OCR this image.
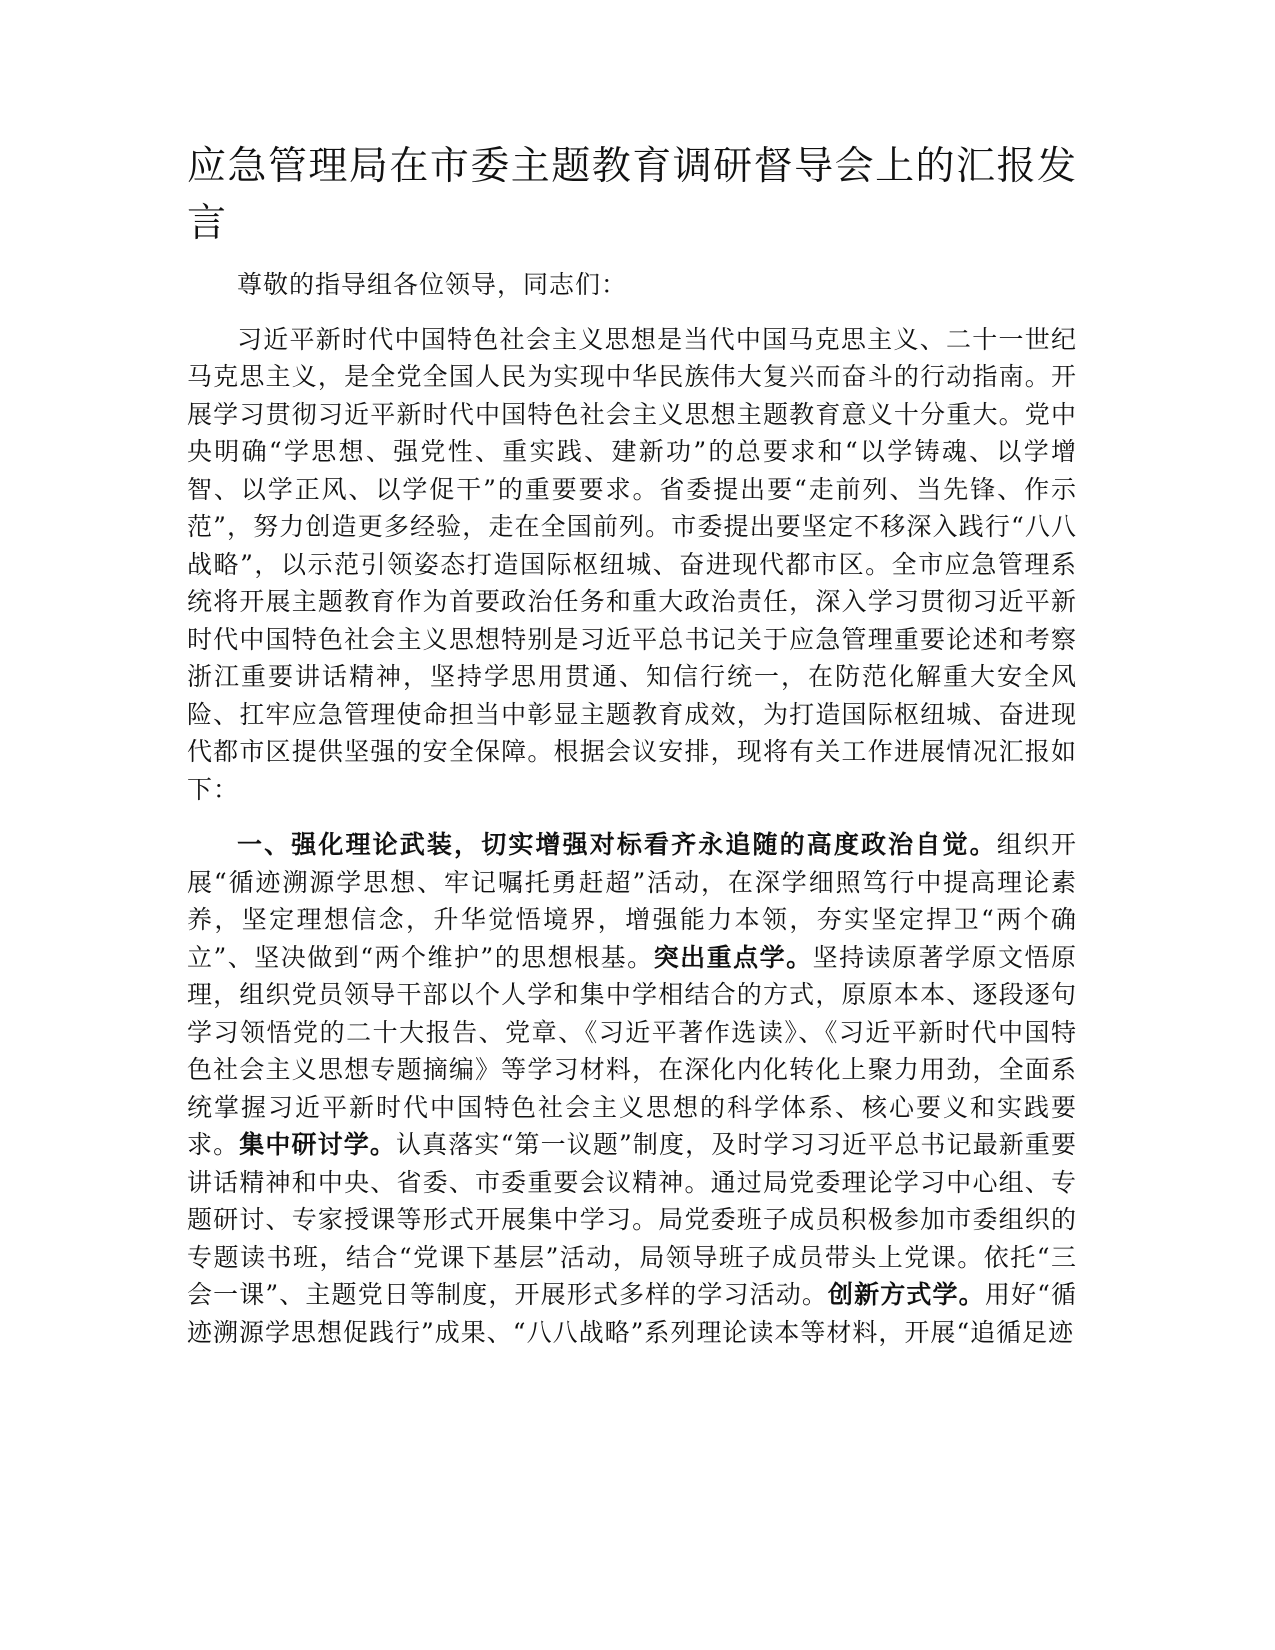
应急管理局在市委主题教育调研督导会上的汇报发言

尊敬的指导组各位领导，同志们：

习近平新时代中国特色社会主义思想是当代中国马克思主义、二十一世纪马克思主义，是全党全国人民为实现中华民族伟大复兴而奋斗的行动指南。开展学习贯彻习近平新时代中国特色社会主义思想主题教育意义十分重大。党中央明确“学思想、强党性、重实践、建新功”的总要求和“以学铸魂、以学增智、以学正风、以学促干”的重要要求。省委提出要“走前列、当先锋、作示范”，努力创造更多经验，走在全国前列。市委提出要坚定不移深入践行“八八战略”，以示范引领姿态打造国际枢纽城、奋进现代都市区。全市应急管理系统将开展主题教育作为首要政治任务和重大政治责任，深入学习贯彻习近平新时代中国特色社会主义思想特别是习近平总书记关于应急管理重要论述和考察浙江重要讲话精神，坚持学思用贯通、知信行统一，在防范化解重大安全风险、扛牢应急管理使命担当中彰显主题教育成效，为打造国际枢纽城、奋进现代都市区提供坚强的安全保障。根据会议安排，现将有关工作进展情况汇报如下：

一、强化理论武装，切实增强对标看齐永追随的高度政治自觉。组织开展“循迹溯源学思想、牢记嘱托勇赶超”活动，在深学细照笃行中提高理论素养，坚定理想信念，升华觉悟境界，增强能力本领，夯实坚定捍卫“两个确立”、坚决做到“两个维护”的思想根基。突出重点学。坚持读原著学原文悟原理，组织党员领导干部以个人学和集中学相结合的方式，原原本本、逐段逐句学习领悟党的二十大报告、党章、《习近平著作选读》、《习近平新时代中国特色社会主义思想专题摘编》等学习材料，在深化内化转化上聚力用劲，全面系统掌握习近平新时代中国特色社会主义思想的科学体系、核心要义和实践要求。集中研讨学。认真落实“第一议题”制度，及时学习习近平总书记最新重要讲话精神和中央、省委、市委重要会议精神。通过局党委理论学习中心组、专题研讨、专家授课等形式开展集中学习。局党委班子成员积极参加市委组织的专题读书班，结合“党课下基层”活动，局领导班子成员带头上党课。依托“三会一课”、主题党日等制度，开展形式多样的学习活动。创新方式学。用好“循迹溯源学思想促践行”成果、“八八战略”系列理论读本等材料，开展“追循足迹
